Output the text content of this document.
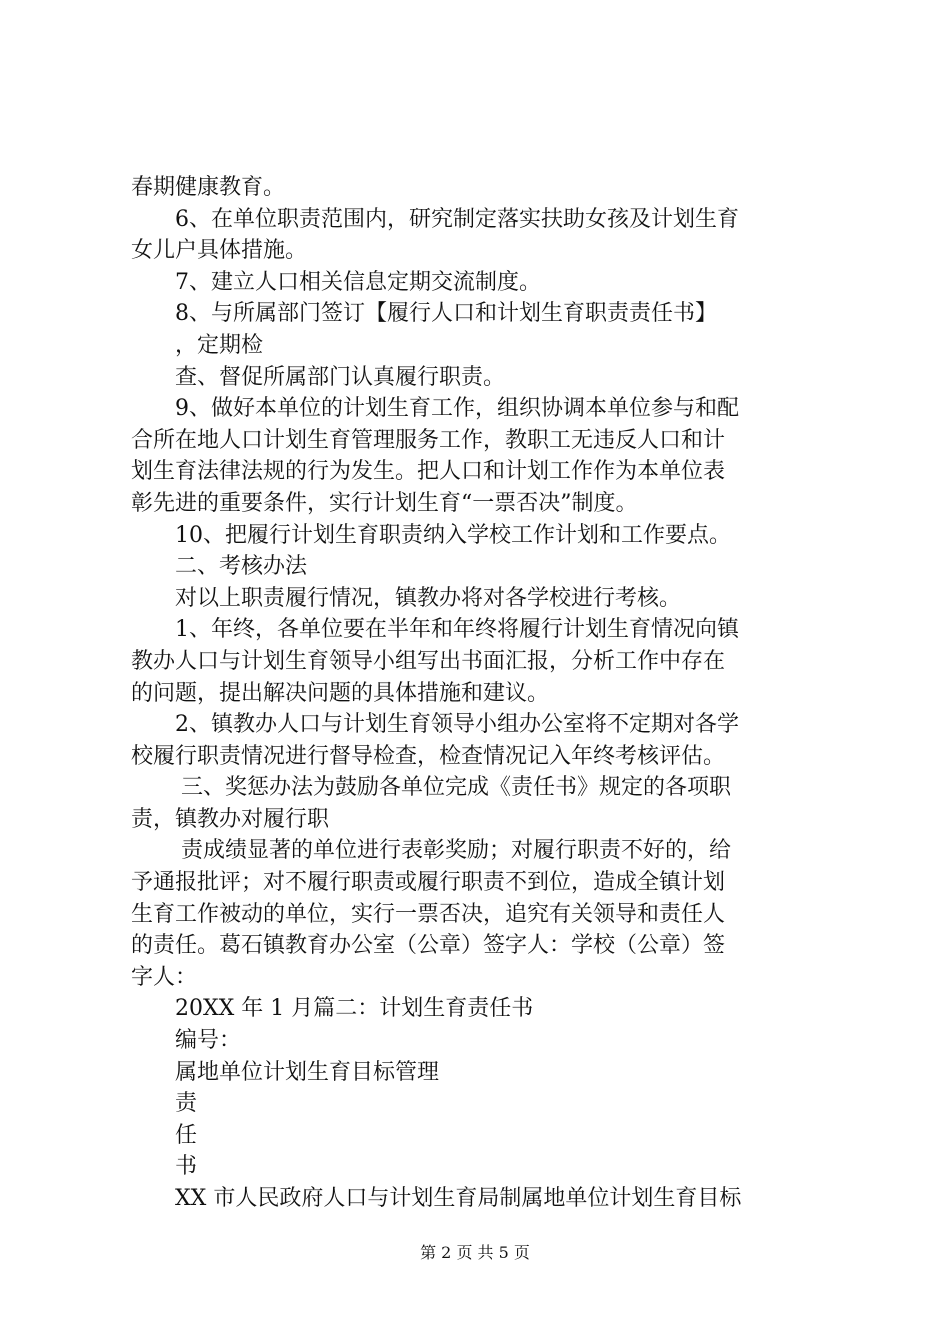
春期健康教育。
6、在单位职责范围内，研究制定落实扶助女孩及计划生育
女儿户具体措施。
7、建立人口相关信息定期交流制度。
8、与所属部门签订【履行人口和计划生育职责责任书】
，定期检
查、督促所属部门认真履行职责。
9、做好本单位的计划生育工作，组织协调本单位参与和配
合所在地人口计划生育管理服务工作，教职工无违反人口和计
划生育法律法规的行为发生。把人口和计划工作作为本单位表
彰先进的重要条件，实行计划生育“一票否决”制度。
10、把履行计划生育职责纳入学校工作计划和工作要点。
二、考核办法
对以上职责履行情况，镇教办将对各学校进行考核。
1、年终，各单位要在半年和年终将履行计划生育情况向镇
教办人口与计划生育领导小组写出书面汇报，分析工作中存在
的问题，提出解决问题的具体措施和建议。
2、镇教办人口与计划生育领导小组办公室将不定期对各学
校履行职责情况进行督导检查，检查情况记入年终考核评估。
三、奖惩办法为鼓励各单位完成《责任书》规定的各项职
责，镇教办对履行职
责成绩显著的单位进行表彰奖励；对履行职责不好的，给
予通报批评；对不履行职责或履行职责不到位，造成全镇计划
生育工作被动的单位，实行一票否决，追究有关领导和责任人
的责任。葛石镇教育办公室（公章）签字人：学校（公章）签
字人：
20XX 年 1 月篇二：计划生育责任书
编号：
属地单位计划生育目标管理
责
任
书
XX 市人民政府人口与计划生育局制属地单位计划生育目标
第 2 页 共 5 页
